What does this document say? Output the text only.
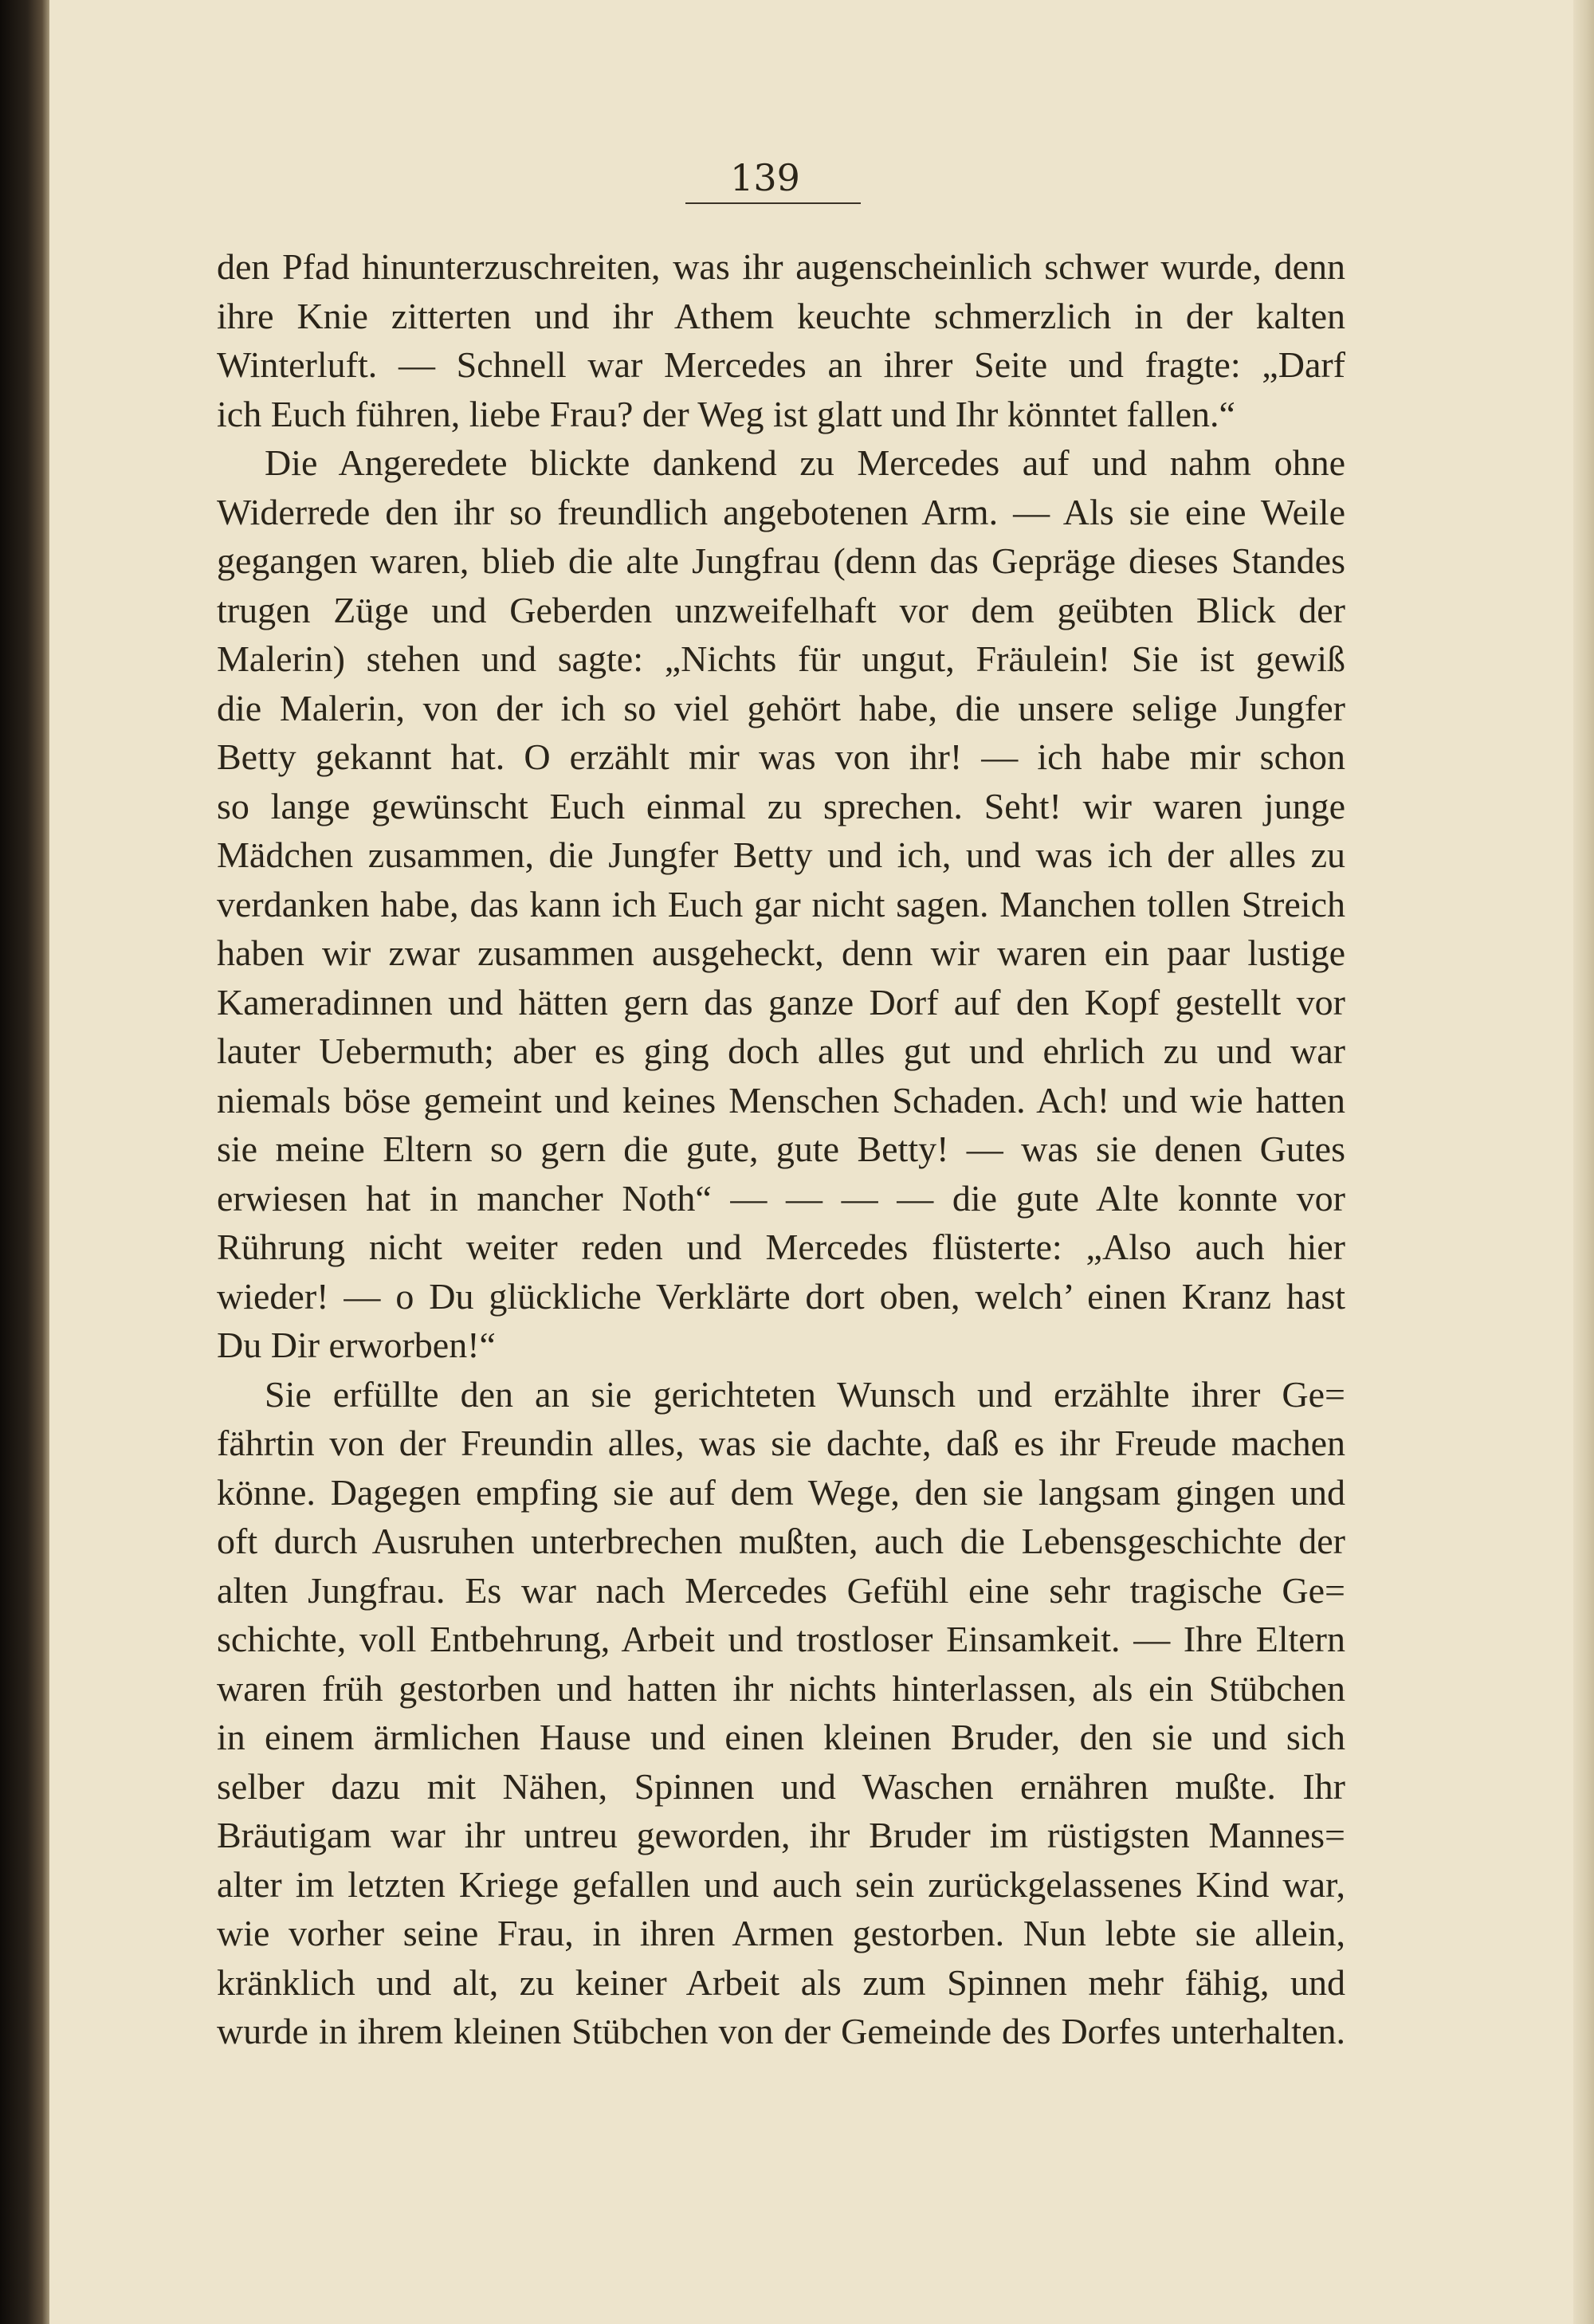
139
den Pfad hinunterzuschreiten, was ihr augenscheinlich schwer wurde, denn
ihre Knie zitterten und ihr Athem keuchte schmerzlich in der kalten
Winterluft. — Schnell war Mercedes an ihrer Seite und fragte: „Darf
ich Euch führen, liebe Frau? der Weg ist glatt und Ihr könntet fallen.“
Die Angeredete blickte dankend zu Mercedes auf und nahm ohne
Widerrede den ihr so freundlich angebotenen Arm. — Als sie eine Weile
gegangen waren, blieb die alte Jungfrau (denn das Gepräge dieses Standes
trugen Züge und Geberden unzweifelhaft vor dem geübten Blick der
Malerin) stehen und sagte: „Nichts für ungut, Fräulein! Sie ist gewiß
die Malerin, von der ich so viel gehört habe, die unsere selige Jungfer
Betty gekannt hat. O erzählt mir was von ihr! — ich habe mir schon
so lange gewünscht Euch einmal zu sprechen. Seht! wir waren junge
Mädchen zusammen, die Jungfer Betty und ich, und was ich der alles zu
verdanken habe, das kann ich Euch gar nicht sagen. Manchen tollen Streich
haben wir zwar zusammen ausgeheckt, denn wir waren ein paar lustige
Kameradinnen und hätten gern das ganze Dorf auf den Kopf gestellt vor
lauter Uebermuth; aber es ging doch alles gut und ehrlich zu und war
niemals böse gemeint und keines Menschen Schaden. Ach! und wie hatten
sie meine Eltern so gern die gute, gute Betty! — was sie denen Gutes
erwiesen hat in mancher Noth“ — — — — die gute Alte konnte vor
Rührung nicht weiter reden und Mercedes flüsterte: „Also auch hier
wieder! — o Du glückliche Verklärte dort oben, welch’ einen Kranz hast
Du Dir erworben!“
Sie erfüllte den an sie gerichteten Wunsch und erzählte ihrer Ge=
fährtin von der Freundin alles, was sie dachte, daß es ihr Freude machen
könne. Dagegen empfing sie auf dem Wege, den sie langsam gingen und
oft durch Ausruhen unterbrechen mußten, auch die Lebensgeschichte der
alten Jungfrau. Es war nach Mercedes Gefühl eine sehr tragische Ge=
schichte, voll Entbehrung, Arbeit und trostloser Einsamkeit. — Ihre Eltern
waren früh gestorben und hatten ihr nichts hinterlassen, als ein Stübchen
in einem ärmlichen Hause und einen kleinen Bruder, den sie und sich
selber dazu mit Nähen, Spinnen und Waschen ernähren mußte. Ihr
Bräutigam war ihr untreu geworden, ihr Bruder im rüstigsten Mannes=
alter im letzten Kriege gefallen und auch sein zurückgelassenes Kind war,
wie vorher seine Frau, in ihren Armen gestorben. Nun lebte sie allein,
kränklich und alt, zu keiner Arbeit als zum Spinnen mehr fähig, und
wurde in ihrem kleinen Stübchen von der Gemeinde des Dorfes unterhalten.
